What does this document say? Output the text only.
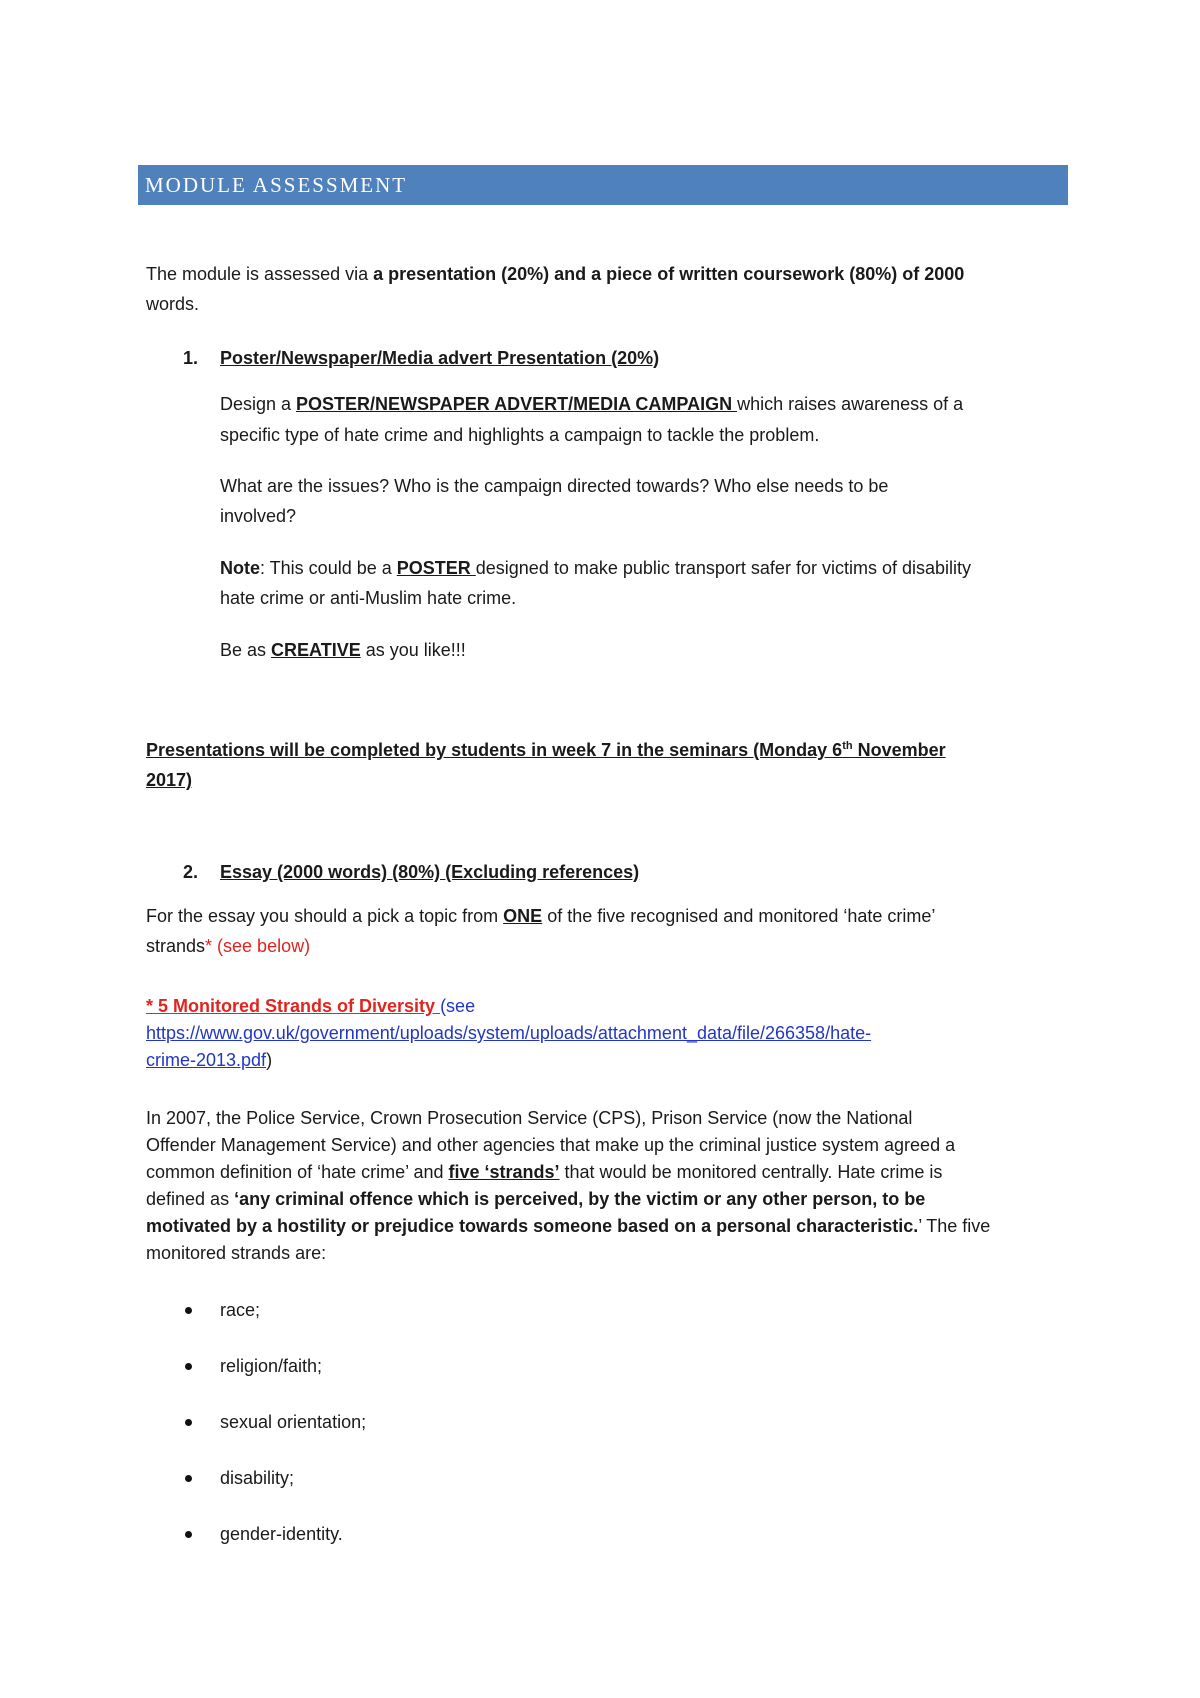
MODULE ASSESSMENT

The module is assessed via a presentation (20%) and a piece of written coursework (80%) of 2000

words.

1. Poster/Newspaper/Media advert Presentation (20%)

Design a POSTER/NEWSPAPER ADVERT/MEDIA CAMPAIGN which raises awareness of a

specific type of hate crime and highlights a campaign to tackle the problem.

What are the issues? Who is the campaign directed towards? Who else needs to be

involved?

Note: This could be a POSTER designed to make public transport safer for victims of disability

hate crime or anti-Muslim hate crime.

Be as CREATIVE as you like!!!

Presentations will be completed by students in week 7 in the seminars (Monday 6th November

2017)

2. Essay (2000 words) (80%) (Excluding references)

For the essay you should a pick a topic from ONE of the five recognised and monitored ‘hate crime’

strands* (see below)

* 5 Monitored Strands of Diversity (see

https://www.gov.uk/government/uploads/system/uploads/attachment_data/file/266358/hate-

crime-2013.pdf)

In 2007, the Police Service, Crown Prosecution Service (CPS), Prison Service (now the National

Offender Management Service) and other agencies that make up the criminal justice system agreed a

common definition of ‘hate crime’ and five ‘strands’ that would be monitored centrally. Hate crime is

defined as ‘any criminal offence which is perceived, by the victim or any other person, to be

motivated by a hostility or prejudice towards someone based on a personal characteristic.’ The five

monitored strands are:

race;

religion/faith;

sexual orientation;

disability;

gender-identity.
